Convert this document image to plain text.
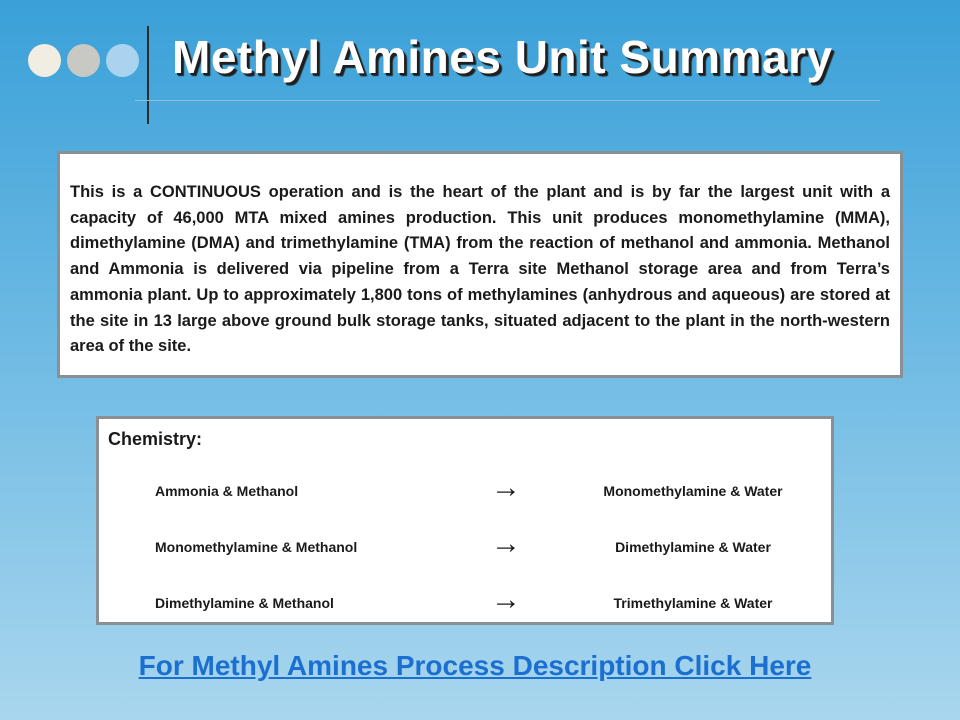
Methyl Amines Unit Summary

This is a CONTINUOUS operation and is the heart of the plant and is by far the largest unit with a capacity of 46,000 MTA mixed amines production. This unit produces monomethylamine (MMA), dimethylamine (DMA) and trimethylamine (TMA) from the reaction of methanol and ammonia. Methanol and Ammonia is delivered via pipeline from a Terra site Methanol storage area and from Terra’s ammonia plant. Up to approximately 1,800 tons of methylamines (anhydrous and aqueous) are stored at the site in 13 large above ground bulk storage tanks, situated adjacent to the plant in the north-western area of the site.

Chemistry:
Ammonia & Methanol	→	Monomethylamine & Water
Monomethylamine & Methanol	→	Dimethylamine & Water
Dimethylamine & Methanol	→	Trimethylamine & Water
For Methyl Amines Process Description Click Here
